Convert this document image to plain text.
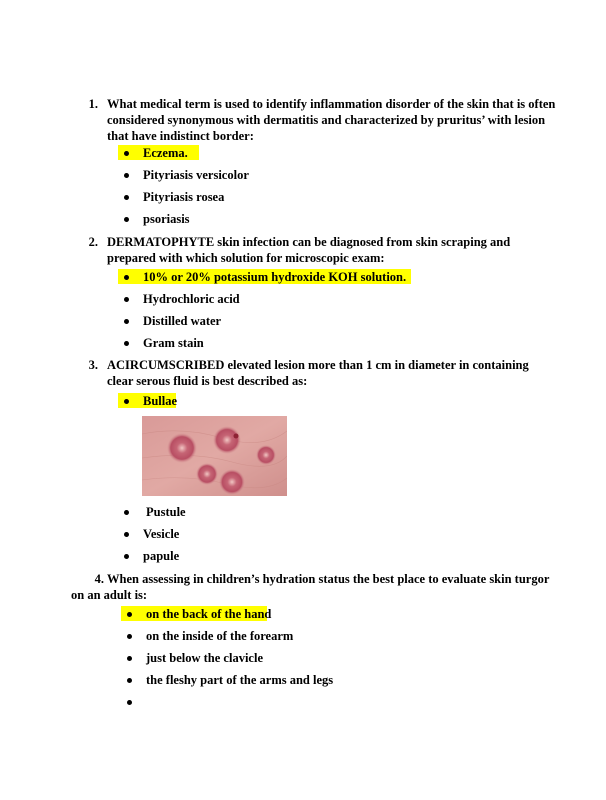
1. What medical term is used to identify inflammation disorder of the skin that is often
considered synonymous with dermatitis and characterized by pruritus’ with lesion
that have indistinct border:
Eczema.
Pityriasis versicolor
Pityriasis rosea
psoriasis
2. DERMATOPHYTE skin infection can be diagnosed from skin scraping and
prepared with which solution for microscopic exam:
10% or 20% potassium hydroxide KOH solution.
Hydrochloric acid
Distilled water
Gram stain
3. ACIRCUMSCRIBED elevated lesion more than 1 cm in diameter in containing
clear serous fluid is best described as:
Bullae
Pustule
Vesicle
papule
4. When assessing in children’s hydration status the best place to evaluate skin turgor
on an adult is:
on the back of the hand
on the inside of the forearm
just below the clavicle
the fleshy part of the arms and legs
